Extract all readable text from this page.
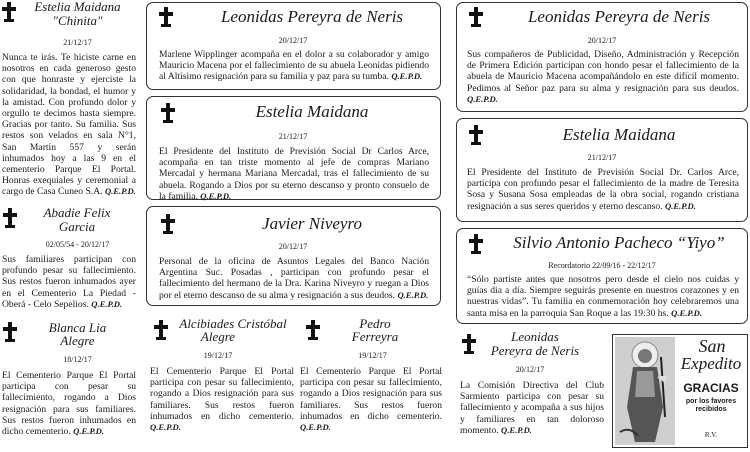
Estelia Maidana "Chinita"
21/12/17
Nunca te irás. Te hiciste carne en nosotros en cada generoso gesto con que honraste y ejerciste la solidaridad, la bondad, el humor y la amistad. Con profundo dolor y orgullo te decimos hasta siempre. Gracias por tanto. Su familia. Sus restos son velados en sala N°1, San Martín 557 y serán inhumados hoy a las 9 en el cementerio Parque El Portal. Honras exequiales y ceremonial a cargo de Casa Cuneo S.A. Q.E.P.D.
Abadie Felix
Garcia
02/05/54 - 20/12/17
Sus familiares participan con profundo pesar su fallecimiento. Sus restos fueron inhumados ayer en el Cementerio La Piedad - Oberá - Celo Sepelios. Q.E.P.D.
Blanca Lia
Alegre
18/12/17
El Cementerio Parque El Portal participa con pesar su fallecimiento, rogando a Dios resignación para sus familiares. Sus restos fueron inhumados en dicho cementerio. Q.E.P.D.
Leonidas Pereyra de Neris
20/12/17
Marlene Wipplinger acompaña en el dolor a su colaborador y amigo Mauricio Macena por el fallecimiento de su abuela Leonidas pidiendo al Altísimo resignación para su familia y paz para su tumba. Q.E.P.D.
Estelia Maidana
21/12/17
El Presidente del Instituto de Previsión Social Dr Carlos Arce, acompaña en tan triste momento al jefe de compras Mariano Mercadal y hermana Mariana Mercadal, tras el fallecimiento de su abuela. Rogando a Dios por su eterno descanso y pronto consuelo de la familia. Q.E.P.D.
Javier Niveyro
20/12/17
Personal de la oficina de Asuntos Legales del Banco Nación Argentina Suc. Posadas , participan con profundo pesar el fallecimiento del hermano de la Dra. Karina Niveyro y ruegan a Dios por el eterno descanso de su alma y resignación a sus deudos. Q.E.P.D.
Alcibiades Cristóbal
Alegre
19/12/17
El Cementerio Parque El Portal participa con pesar su fallecimiento, rogando a Dios resignación para sus familiares. Sus restos fueron inhumados en dicho cementerio. Q.E.P.D.
Pedro
Ferreyra
19/12/17
El Cementerio Parque El Portal participa con pesar su fallecimiento, rogando a Dios resignación para sus familiares. Sus restos fueron inhumados en dicho cementerio. Q.E.P.D.
Leonidas Pereyra de Neris
20/12/17
Sus compañeros de Publicidad, Diseño, Administración y Recepción de Primera Edición participan con hondo pesar el fallecimiento de la abuela de Mauricio Macena acompañándolo en este difícil momento. Pedimos al Señor paz para su alma y resignación para sus deudos. Q.E.P.D.
Estelia Maidana
21/12/17
El Presidente del Instituto de Previsión Social Dr. Carlos Arce, participa con profundo pesar el fallecimiento de la madre de Teresita Sosa y Susana Sosa empleadas de la obra social, rogando cristiana resignación a sus seres queridos y eterno descanso. Q.E.P.D.
Silvio Antonio Pacheco “Yiyo”
Recordatorio 22/09/16 - 22/12/17
“Sólo partiste antes que nosotros pero desde el cielo nos cuidas y guías día a día. Siempre seguirás presente en nuestros corazones y en nuestras vidas”. Tu familia en conmemoración hoy celebraremos una santa misa en la parroquia San Roque a las 19:30 hs. Q.E.P.D.
Leonidas
Pereyra de Neris
20/12/17
La Comisión Directiva del Club Sarmiento participa con pesar su fallecimiento y acompaña a sus hijos y familiares en tan doloroso momento. Q.E.P.D.
San
Expedito
GRACIAS
por los favores recibidos
R.V.
